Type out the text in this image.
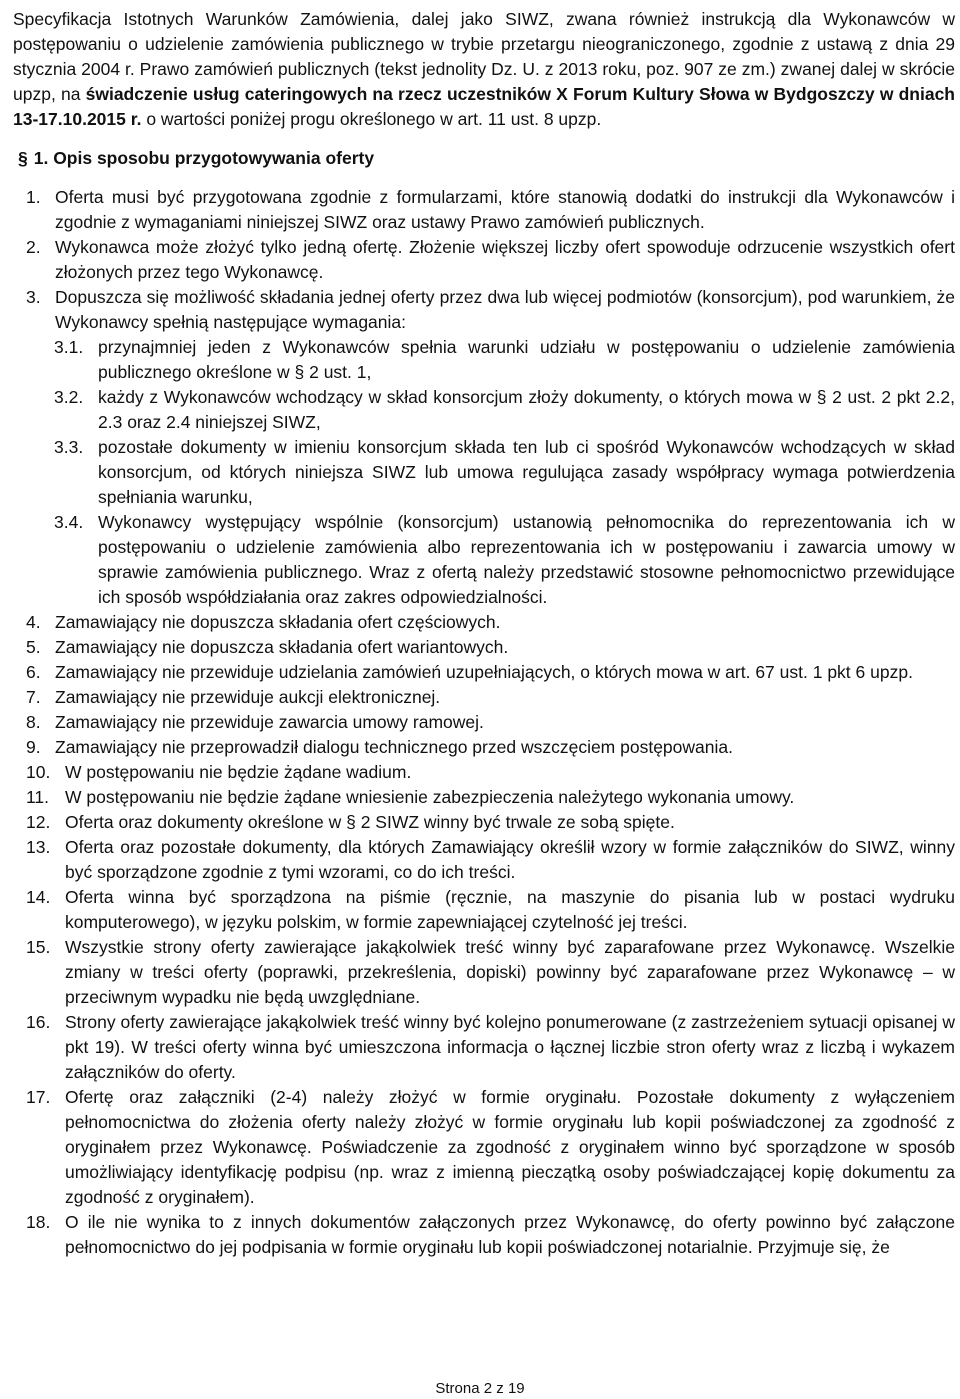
Specyfikacja Istotnych Warunków Zamówienia, dalej jako SIWZ, zwana również instrukcją dla Wykonawców w postępowaniu o udzielenie zamówienia publicznego w trybie przetargu nieograniczonego, zgodnie z ustawą z dnia 29 stycznia 2004 r. Prawo zamówień publicznych (tekst jednolity Dz. U. z 2013 roku, poz. 907 ze zm.) zwanej dalej w skrócie upzp, na świadczenie usług cateringowych na rzecz uczestników X Forum Kultury Słowa w Bydgoszczy w dniach 13-17.10.2015 r. o wartości poniżej progu określonego w art. 11 ust. 8 upzp.

§ 1. Opis sposobu przygotowywania oferty
1. Oferta musi być przygotowana zgodnie z formularzami, które stanowią dodatki do instrukcji dla Wykonawców i zgodnie z wymaganiami niniejszej SIWZ oraz ustawy Prawo zamówień publicznych.
2. Wykonawca może złożyć tylko jedną ofertę. Złożenie większej liczby ofert spowoduje odrzucenie wszystkich ofert złożonych przez tego Wykonawcę.
3. Dopuszcza się możliwość składania jednej oferty przez dwa lub więcej podmiotów (konsorcjum), pod warunkiem, że Wykonawcy spełnią następujące wymagania:
3.1. przynajmniej jeden z Wykonawców spełnia warunki udziału w postępowaniu o udzielenie zamówienia publicznego określone w § 2 ust. 1,
3.2. każdy z Wykonawców wchodzący w skład konsorcjum złoży dokumenty, o których mowa w § 2 ust. 2 pkt 2.2, 2.3 oraz 2.4 niniejszej SIWZ,
3.3. pozostałe dokumenty w imieniu konsorcjum składa ten lub ci spośród Wykonawców wchodzących w skład konsorcjum, od których niniejsza SIWZ lub umowa regulująca zasady współpracy wymaga potwierdzenia spełniania warunku,
3.4. Wykonawcy występujący wspólnie (konsorcjum) ustanowią pełnomocnika do reprezentowania ich w postępowaniu o udzielenie zamówienia albo reprezentowania ich w postępowaniu i zawarcia umowy w sprawie zamówienia publicznego. Wraz z ofertą należy przedstawić stosowne pełnomocnictwo przewidujące ich sposób współdziałania oraz zakres odpowiedzialności.
4. Zamawiający nie dopuszcza składania ofert częściowych.
5. Zamawiający nie dopuszcza składania ofert wariantowych.
6. Zamawiający nie przewiduje udzielania zamówień uzupełniających, o których mowa w art. 67 ust. 1 pkt 6 upzp.
7. Zamawiający nie przewiduje aukcji elektronicznej.
8. Zamawiający nie przewiduje zawarcia umowy ramowej.
9. Zamawiający nie przeprowadził dialogu technicznego przed wszczęciem postępowania.
10. W postępowaniu nie będzie żądane wadium.
11. W postępowaniu nie będzie żądane wniesienie zabezpieczenia należytego wykonania umowy.
12. Oferta oraz dokumenty określone w § 2 SIWZ winny być trwale ze sobą spięte.
13. Oferta oraz pozostałe dokumenty, dla których Zamawiający określił wzory w formie załączników do SIWZ, winny być sporządzone zgodnie z tymi wzorami, co do ich treści.
14. Oferta winna być sporządzona na piśmie (ręcznie, na maszynie do pisania lub w postaci wydruku komputerowego), w języku polskim, w formie zapewniającej czytelność jej treści.
15. Wszystkie strony oferty zawierające jakąkolwiek treść winny być zaparafowane przez Wykonawcę. Wszelkie zmiany w treści oferty (poprawki, przekreślenia, dopiski) powinny być zaparafowane przez Wykonawcę – w przeciwnym wypadku nie będą uwzględniane.
16. Strony oferty zawierające jakąkolwiek treść winny być kolejno ponumerowane (z zastrzeżeniem sytuacji opisanej w pkt 19). W treści oferty winna być umieszczona informacja o łącznej liczbie stron oferty wraz z liczbą i wykazem załączników do oferty.
17. Ofertę oraz załączniki (2-4) należy złożyć w formie oryginału. Pozostałe dokumenty z wyłączeniem pełnomocnictwa do złożenia oferty należy złożyć w formie oryginału lub kopii poświadczonej za zgodność z oryginałem przez Wykonawcę. Poświadczenie za zgodność z oryginałem winno być sporządzone w sposób umożliwiający identyfikację podpisu (np. wraz z imienną pieczątką osoby poświadczającej kopię dokumentu za zgodność z oryginałem).
18. O ile nie wynika to z innych dokumentów załączonych przez Wykonawcę, do oferty powinno być załączone pełnomocnictwo do jej podpisania w formie oryginału lub kopii poświadczonej notarialnie. Przyjmuje się, że
Strona 2 z 19
